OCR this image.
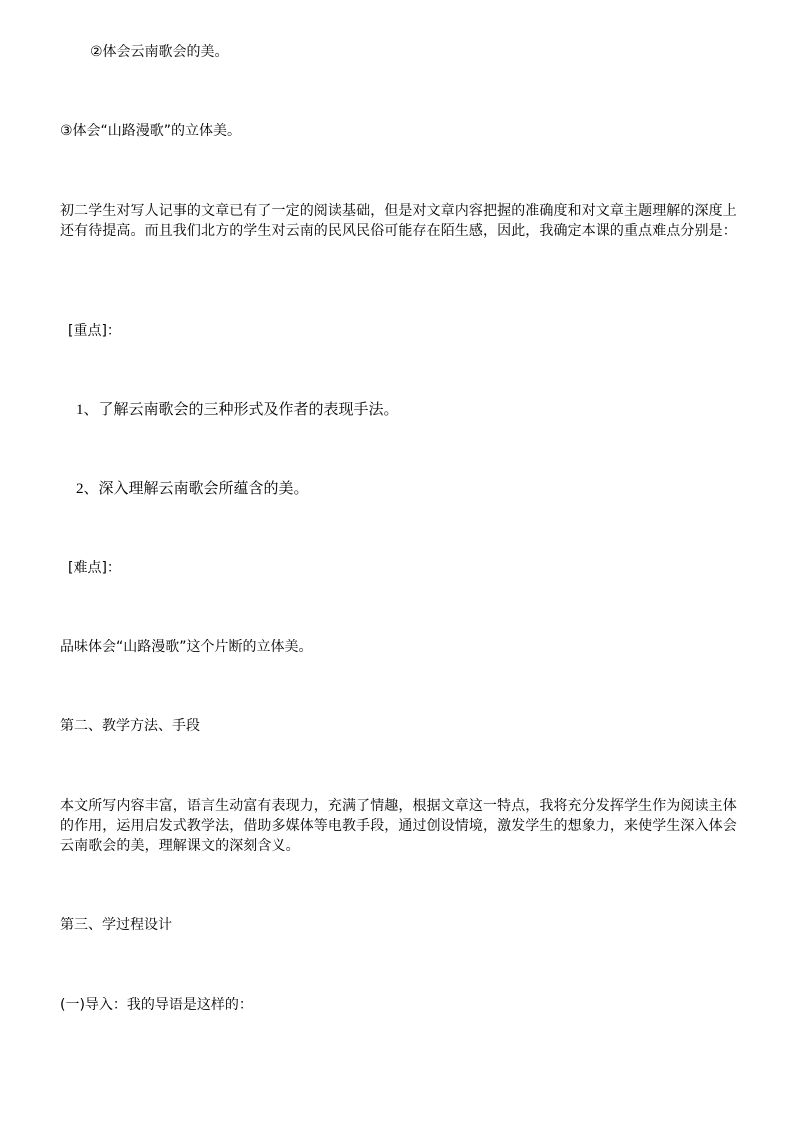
②体会云南歌会的美。

③体会“山路漫歌”的立体美。

初二学生对写人记事的文章已有了一定的阅读基础，但是对文章内容把握的准确度和对文章主题理解的深度上还有待提高。而且我们北方的学生对云南的民风民俗可能存在陌生感，因此，我确定本课的重点难点分别是：

[重点]：

1、了解云南歌会的三种形式及作者的表现手法。

2、深入理解云南歌会所蕴含的美。

[难点]：

品味体会“山路漫歌”这个片断的立体美。

第二、教学方法、手段

本文所写内容丰富，语言生动富有表现力，充满了情趣，根据文章这一特点，我将充分发挥学生作为阅读主体的作用，运用启发式教学法，借助多媒体等电教手段，通过创设情境，激发学生的想象力，来使学生深入体会云南歌会的美，理解课文的深刻含义。

第三、学过程设计

(一)导入：我的导语是这样的：
